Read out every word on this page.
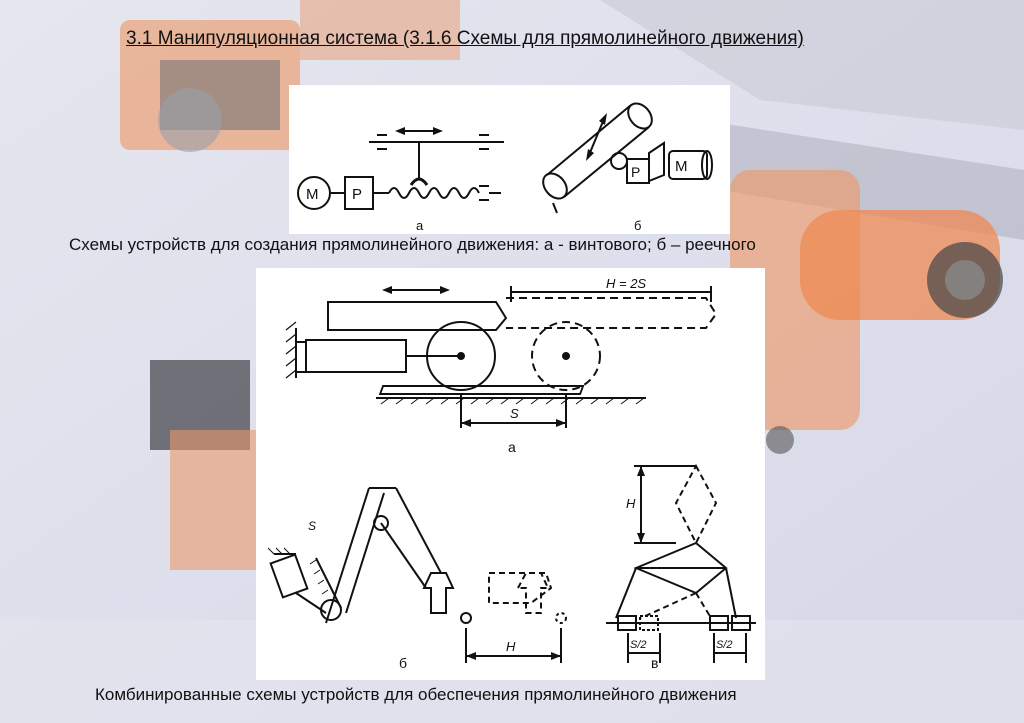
3.1 Манипуляционная система (3.1.6 Схемы для прямолинейного движения)
М Р
а
Р М
б
Схемы устройств для создания прямолинейного движения: а - винтового; б – реечного
H = 2S
S
а
S
H
б
H
S/2	S/2
в
Комбинированные схемы устройств для обеспечения прямолинейного движения
